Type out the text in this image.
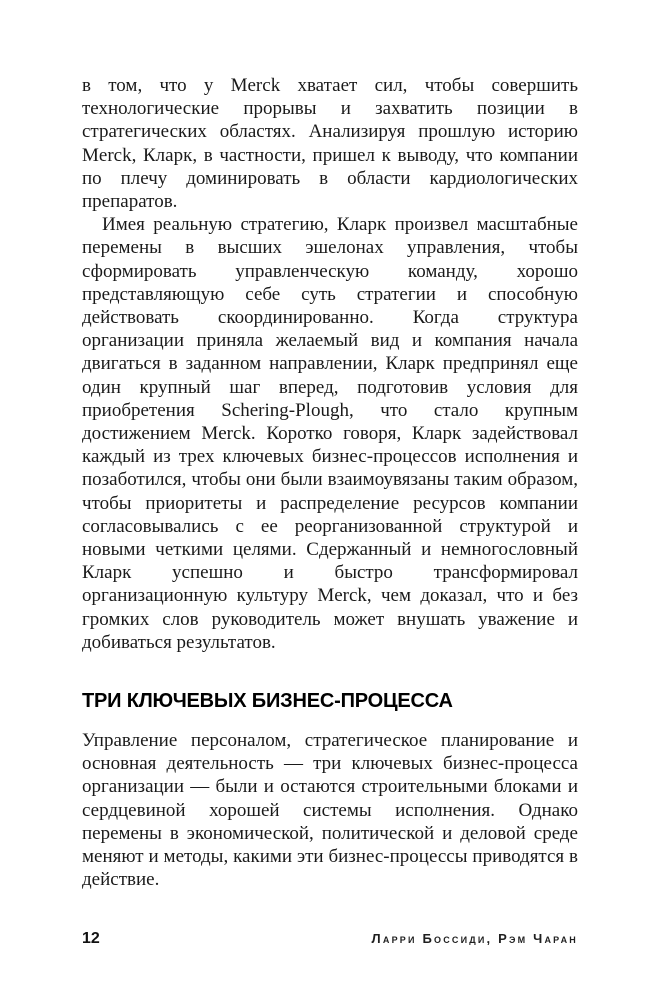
в том, что у Merck хватает сил, чтобы совершить технологические прорывы и захватить позиции в стратегических областях. Анализируя прошлую историю Merck, Кларк, в частности, пришел к выводу, что компании по плечу доминировать в области кардиологических препаратов.

Имея реальную стратегию, Кларк произвел масштабные перемены в высших эшелонах управления, чтобы сформировать управленческую команду, хорошо представляющую себе суть стратегии и способную действовать скоординированно. Когда структура организации приняла желаемый вид и компания начала двигаться в заданном направлении, Кларк предпринял еще один крупный шаг вперед, подготовив условия для приобретения Schering-Plough, что стало крупным достижением Merck. Коротко говоря, Кларк задействовал каждый из трех ключевых бизнес-процессов исполнения и позаботился, чтобы они были взаимоувязаны таким образом, чтобы приоритеты и распределение ресурсов компании согласовывались с ее реорганизованной структурой и новыми четкими целями. Сдержанный и немногословный Кларк успешно и быстро трансформировал организационную культуру Merck, чем доказал, что и без громких слов руководитель может внушать уважение и добиваться результатов.

ТРИ КЛЮЧЕВЫХ БИЗНЕС-ПРОЦЕССА

Управление персоналом, стратегическое планирование и основная деятельность — три ключевых бизнес-процесса организации — были и остаются строительными блоками и сердцевиной хорошей системы исполнения. Однако перемены в экономической, политической и деловой среде меняют и методы, какими эти бизнес-процессы приводятся в действие.

12	Ларри Боссиди, Рэм Чаран
